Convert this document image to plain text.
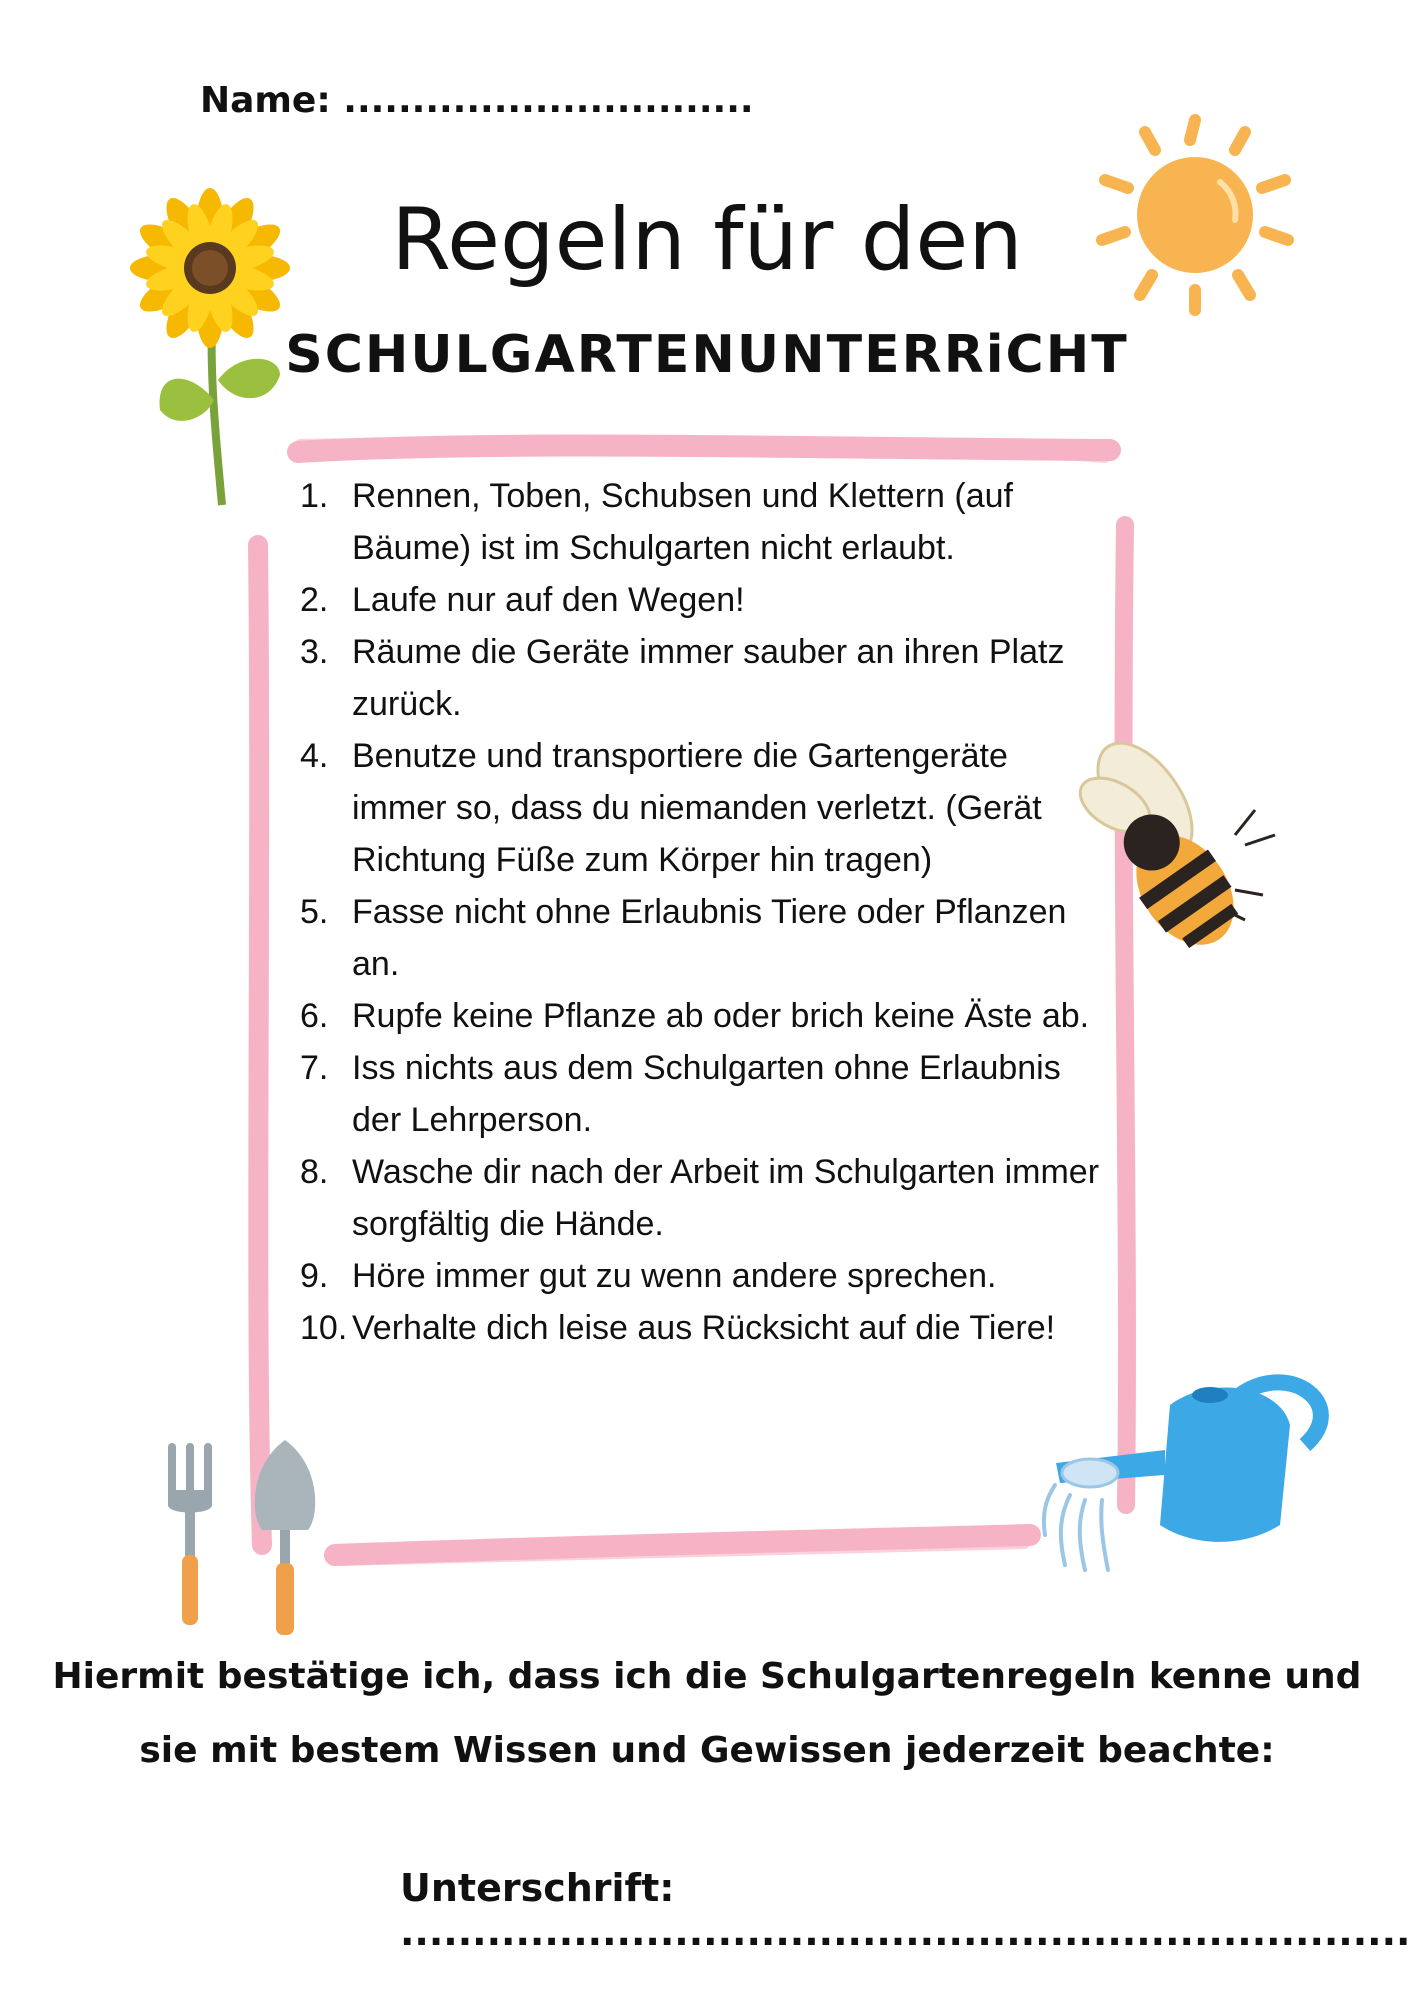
Name: ..............................
Regeln für den
SCHULGARTENUNTERRiCHT
1. Rennen, Toben, Schubsen und Klettern (auf Bäume) ist im Schulgarten nicht erlaubt.
2. Laufe nur auf den Wegen!
3. Räume die Geräte immer sauber an ihren Platz zurück.
4. Benutze und transportiere die Gartengeräte immer so, dass du niemanden verletzt. (Gerät Richtung Füße zum Körper hin tragen)
5. Fasse nicht ohne Erlaubnis Tiere oder Pflanzen an.
6. Rupfe keine Pflanze ab oder brich keine Äste ab.
7. Iss nichts aus dem Schulgarten ohne Erlaubnis der Lehrperson.
8. Wasche dir nach der Arbeit im Schulgarten immer sorgfältig die Hände.
9. Höre immer gut zu wenn andere sprechen.
10. Verhalte dich leise aus Rücksicht auf die Tiere!
Hiermit bestätige ich, dass ich die Schulgartenregeln kenne und
sie mit bestem Wissen und Gewissen jederzeit beachte:
Unterschrift: ......................................................................
